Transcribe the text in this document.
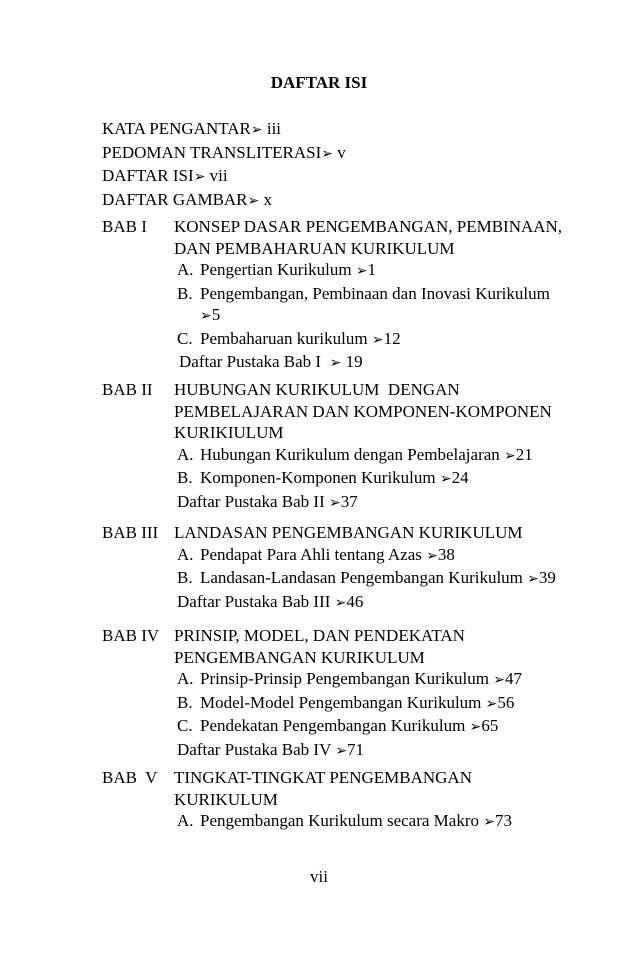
DAFTAR ISI
KATA PENGANTAR➢ iii
PEDOMAN TRANSLITERASI➢ v
DAFTAR ISI➢ vii
DAFTAR GAMBAR➢ x
BAB I KONSEP DASAR PENGEMBANGAN, PEMBINAAN,
DAN PEMBAHARUAN KURIKULUM
A. Pengertian Kurikulum ➢1
B. Pengembangan, Pembinaan dan Inovasi Kurikulum
➢5
C. Pembaharuan kurikulum ➢12
Daftar Pustaka Bab I ➢ 19
BAB II HUBUNGAN KURIKULUM  DENGAN
PEMBELAJARAN DAN KOMPONEN-KOMPONEN
KURIKIULUM
A. Hubungan Kurikulum dengan Pembelajaran ➢21
B. Komponen-Komponen Kurikulum ➢24
Daftar Pustaka Bab II ➢37
BAB III LANDASAN PENGEMBANGAN KURIKULUM
A. Pendapat Para Ahli tentang Azas ➢38
B. Landasan-Landasan Pengembangan Kurikulum ➢39
Daftar Pustaka Bab III ➢46
BAB IV PRINSIP, MODEL, DAN PENDEKATAN
PENGEMBANGAN KURIKULUM
A. Prinsip-Prinsip Pengembangan Kurikulum ➢47
B. Model-Model Pengembangan Kurikulum ➢56
C. Pendekatan Pengembangan Kurikulum ➢65
Daftar Pustaka Bab IV ➢71
BAB  V TINGKAT-TINGKAT PENGEMBANGAN
KURIKULUM
A. Pengembangan Kurikulum secara Makro ➢73
vii
